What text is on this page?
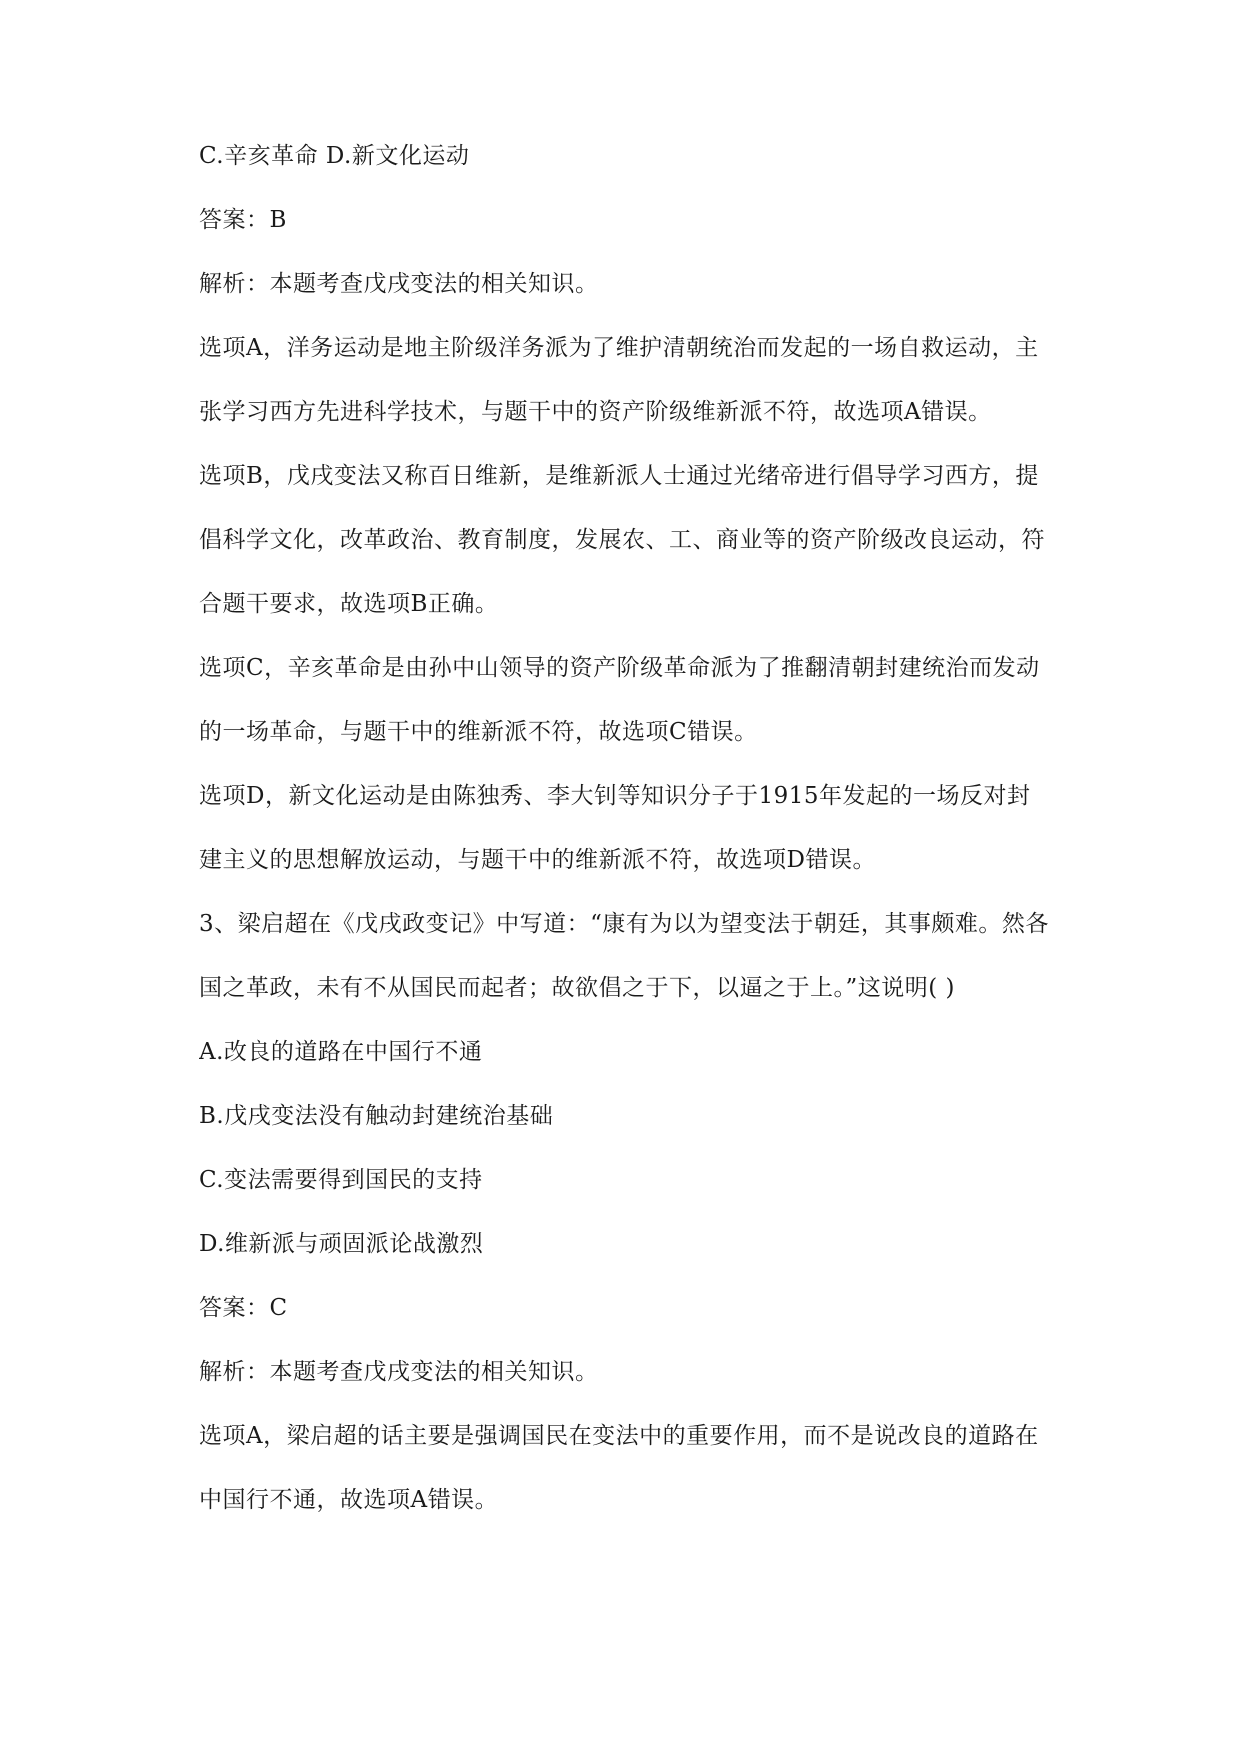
C.辛亥革命 D.新文化运动

答案：B

解析：本题考查戊戌变法的相关知识。

选项A，洋务运动是地主阶级洋务派为了维护清朝统治而发起的一场自救运动，主

张学习西方先进科学技术，与题干中的资产阶级维新派不符，故选项A错误。

选项B，戊戌变法又称百日维新，是维新派人士通过光绪帝进行倡导学习西方，提

倡科学文化，改革政治、教育制度，发展农、工、商业等的资产阶级改良运动，符

合题干要求，故选项B正确。

选项C，辛亥革命是由孙中山领导的资产阶级革命派为了推翻清朝封建统治而发动

的一场革命，与题干中的维新派不符，故选项C错误。

选项D，新文化运动是由陈独秀、李大钊等知识分子于1915年发起的一场反对封

建主义的思想解放运动，与题干中的维新派不符，故选项D错误。

3、梁启超在《戊戌政变记》中写道：“康有为以为望变法于朝廷，其事颇难。然各

国之革政，未有不从国民而起者；故欲倡之于下，以逼之于上。”这说明( )

A.改良的道路在中国行不通

B.戊戌变法没有触动封建统治基础

C.变法需要得到国民的支持

D.维新派与顽固派论战激烈

答案：C

解析：本题考查戊戌变法的相关知识。

选项A，梁启超的话主要是强调国民在变法中的重要作用，而不是说改良的道路在

中国行不通，故选项A错误。
